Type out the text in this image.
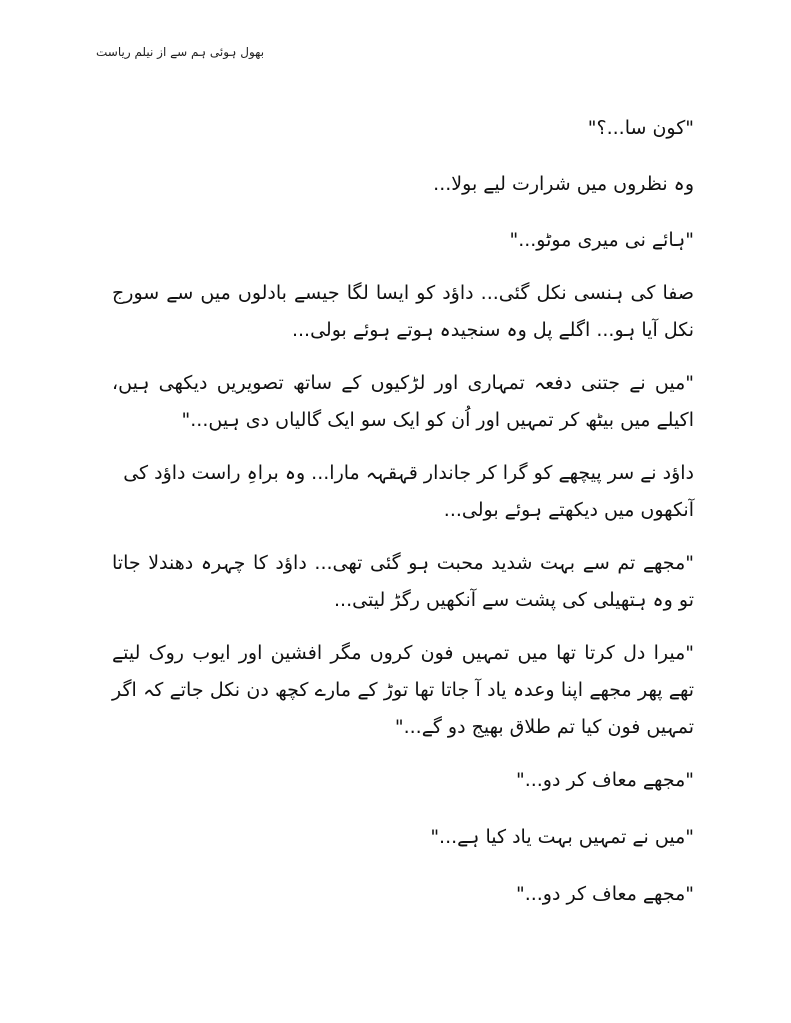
بھول ہوئی ہم سے از نیلم ریاست

"کون سا...؟"

وہ نظروں میں شرارت لیے بولا...

"ہائے نی میری موٹو..."

صفا کی ہنسی نکل گئی... داؤد کو ایسا لگا جیسے بادلوں میں سے سورج نکل آیا ہو... اگلے پل وہ سنجیدہ ہوتے ہوئے بولی...

"میں نے جتنی دفعہ تمہاری اور لڑکیوں کے ساتھ تصویریں دیکھی ہیں، اکیلے میں بیٹھ کر تمہیں اور اُن کو ایک سو ایک گالیاں دی ہیں..."

داؤد نے سر پیچھے کو گرا کر جاندار قہقہہ مارا... وہ براہِ راست داؤد کی آنکھوں میں دیکھتے ہوئے بولی...

"مجھے تم سے بہت شدید محبت ہو گئی تھی... داؤد کا چہرہ دھندلا جاتا تو وہ ہتھیلی کی پشت سے آنکھیں رگڑ لیتی...

"میرا دل کرتا تھا میں تمہیں فون کروں مگر افشین اور ایوب روک لیتے تھے پھر مجھے اپنا وعدہ یاد آ جاتا تھا توڑ کے مارے کچھ دن نکل جاتے کہ اگر تمہیں فون کیا تم طلاق بھیج دو گے..."

"مجھے معاف کر دو..."

"میں نے تمہیں بہت یاد کیا ہے..."

"مجھے معاف کر دو..."
